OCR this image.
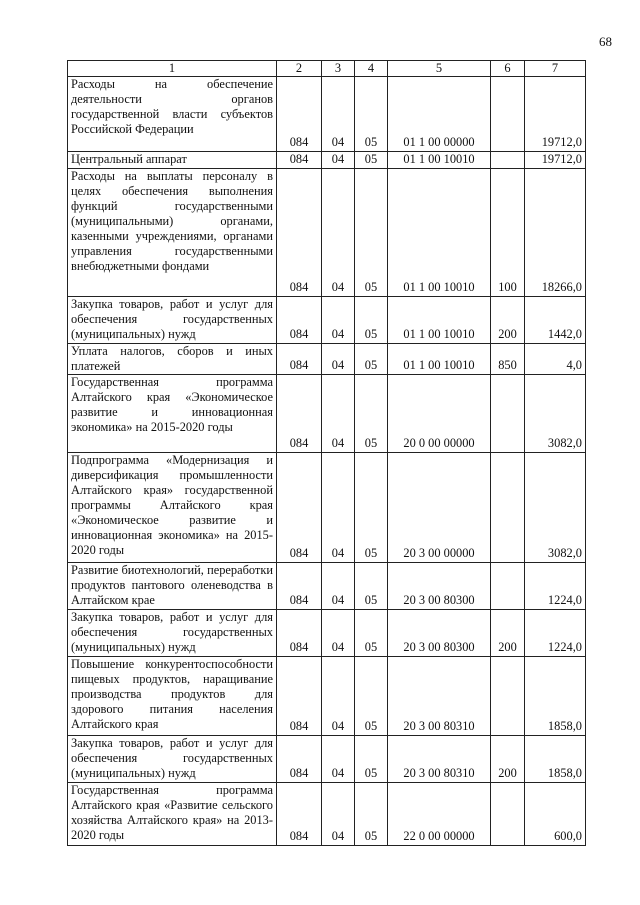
68
1	2	3	4	5	6	7
Расходы на обеспечение деятельности органов государственной власти субъектов Российской Федерации	084	04	05	01 1 00 00000		19712,0
Центральный аппарат	084	04	05	01 1 00 10010		19712,0
Расходы на выплаты персоналу в целях обеспечения выполнения функций государственными (муниципальными) органами, казенными учреждениями, органами управления государственными внебюджетными фондами	084	04	05	01 1 00 10010	100	18266,0
Закупка товаров, работ и услуг для обеспечения государственных (муниципальных) нужд	084	04	05	01 1 00 10010	200	1442,0
Уплата налогов, сборов и иных платежей	084	04	05	01 1 00 10010	850	4,0
Государственная программа Алтайского края «Экономическое развитие и инновационная экономика» на 2015-2020 годы	084	04	05	20 0 00 00000		3082,0
Подпрограмма «Модернизация и диверсификация промышленности Алтайского края» государственной программы Алтайского края «Экономическое развитие и инновационная экономика» на 2015-2020 годы	084	04	05	20 3 00 00000		3082,0
Развитие биотехнологий, переработки продуктов пантового оленеводства в Алтайском крае	084	04	05	20 3 00 80300		1224,0
Закупка товаров, работ и услуг для обеспечения государственных (муниципальных) нужд	084	04	05	20 3 00 80300	200	1224,0
Повышение конкурентоспособности пищевых продуктов, наращивание производства продуктов для здорового питания населения Алтайского края	084	04	05	20 3 00 80310		1858,0
Закупка товаров, работ и услуг для обеспечения государственных (муниципальных) нужд	084	04	05	20 3 00 80310	200	1858,0
Государственная программа Алтайского края «Развитие сельского хозяйства Алтайского края» на 2013-2020 годы	084	04	05	22 0 00 00000		600,0
